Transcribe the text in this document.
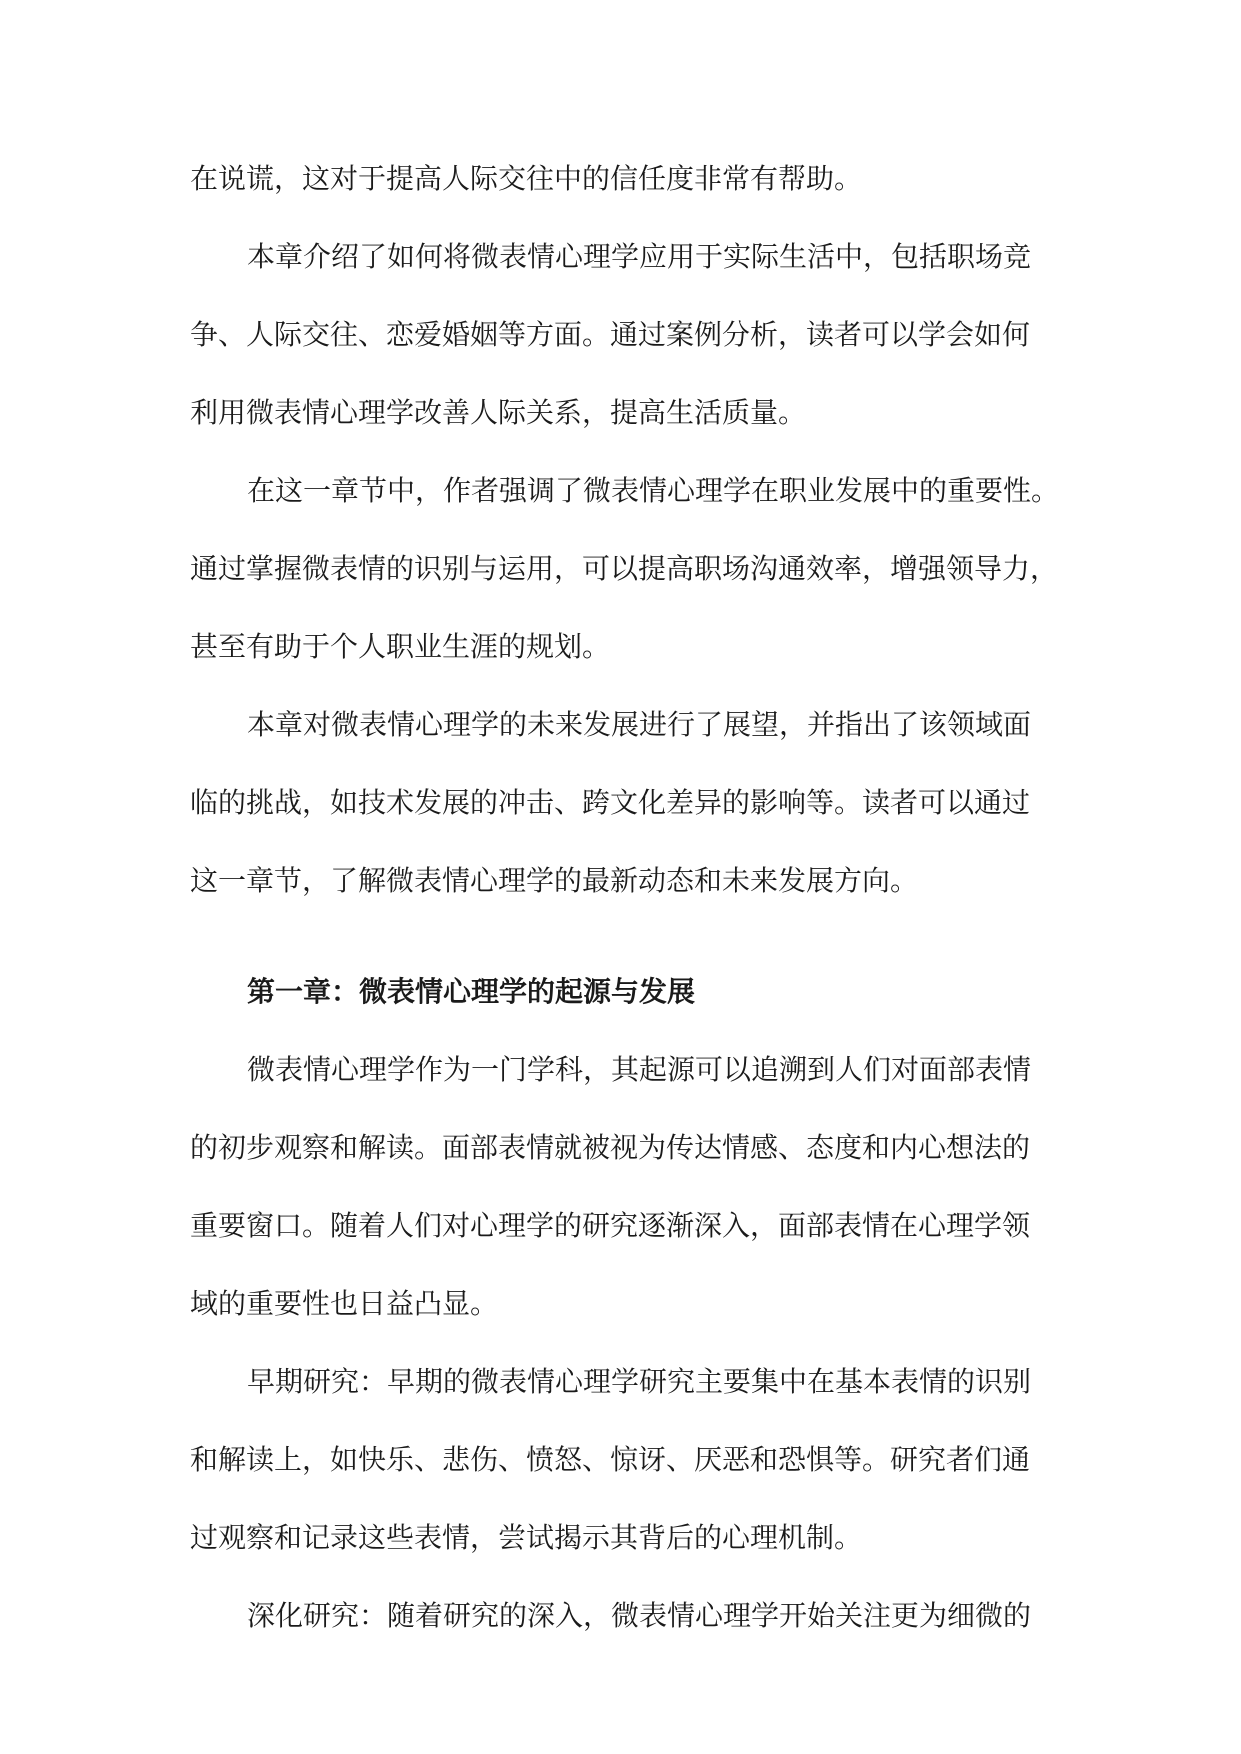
在说谎，这对于提高人际交往中的信任度非常有帮助。

本章介绍了如何将微表情心理学应用于实际生活中，包括职场竞

争、人际交往、恋爱婚姻等方面。通过案例分析，读者可以学会如何

利用微表情心理学改善人际关系，提高生活质量。

在这一章节中，作者强调了微表情心理学在职业发展中的重要性。

通过掌握微表情的识别与运用，可以提高职场沟通效率，增强领导力，

甚至有助于个人职业生涯的规划。

本章对微表情心理学的未来发展进行了展望，并指出了该领域面

临的挑战，如技术发展的冲击、跨文化差异的影响等。读者可以通过

这一章节，了解微表情心理学的最新动态和未来发展方向。

第一章：微表情心理学的起源与发展

微表情心理学作为一门学科，其起源可以追溯到人们对面部表情

的初步观察和解读。面部表情就被视为传达情感、态度和内心想法的

重要窗口。随着人们对心理学的研究逐渐深入，面部表情在心理学领

域的重要性也日益凸显。

早期研究：早期的微表情心理学研究主要集中在基本表情的识别

和解读上，如快乐、悲伤、愤怒、惊讶、厌恶和恐惧等。研究者们通

过观察和记录这些表情，尝试揭示其背后的心理机制。

深化研究：随着研究的深入，微表情心理学开始关注更为细微的
